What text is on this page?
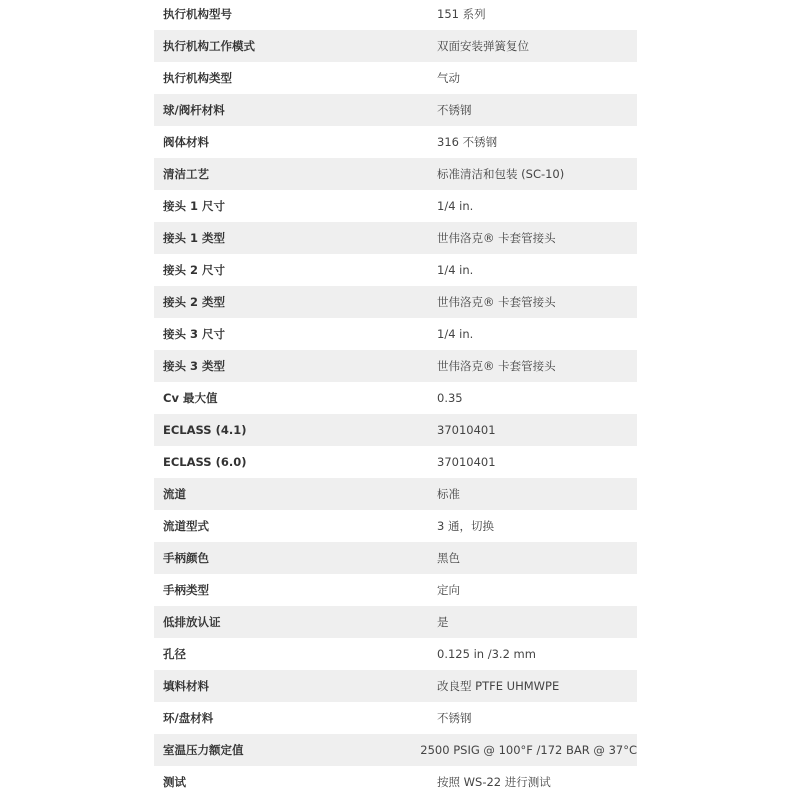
执行机构型号	151 系列
执行机构工作模式	双面安装弹簧复位
执行机构类型	气动
球/阀杆材料	不锈钢
阀体材料	316 不锈钢
清洁工艺	标准清洁和包装 (SC-10)
接头 1 尺寸	1/4 in.
接头 1 类型	世伟洛克® 卡套管接头
接头 2 尺寸	1/4 in.
接头 2 类型	世伟洛克® 卡套管接头
接头 3 尺寸	1/4 in.
接头 3 类型	世伟洛克® 卡套管接头
Cv 最大值	0.35
ECLASS (4.1)	37010401
ECLASS (6.0)	37010401
流道	标准
流道型式	3 通，切换
手柄颜色	黑色
手柄类型	定向
低排放认证	是
孔径	0.125 in /3.2 mm
填料材料	改良型 PTFE UHMWPE
环/盘材料	不锈钢
室温压力额定值	2500 PSIG @ 100°F /172 BAR @ 37°C
测试	按照 WS-22 进行测试
